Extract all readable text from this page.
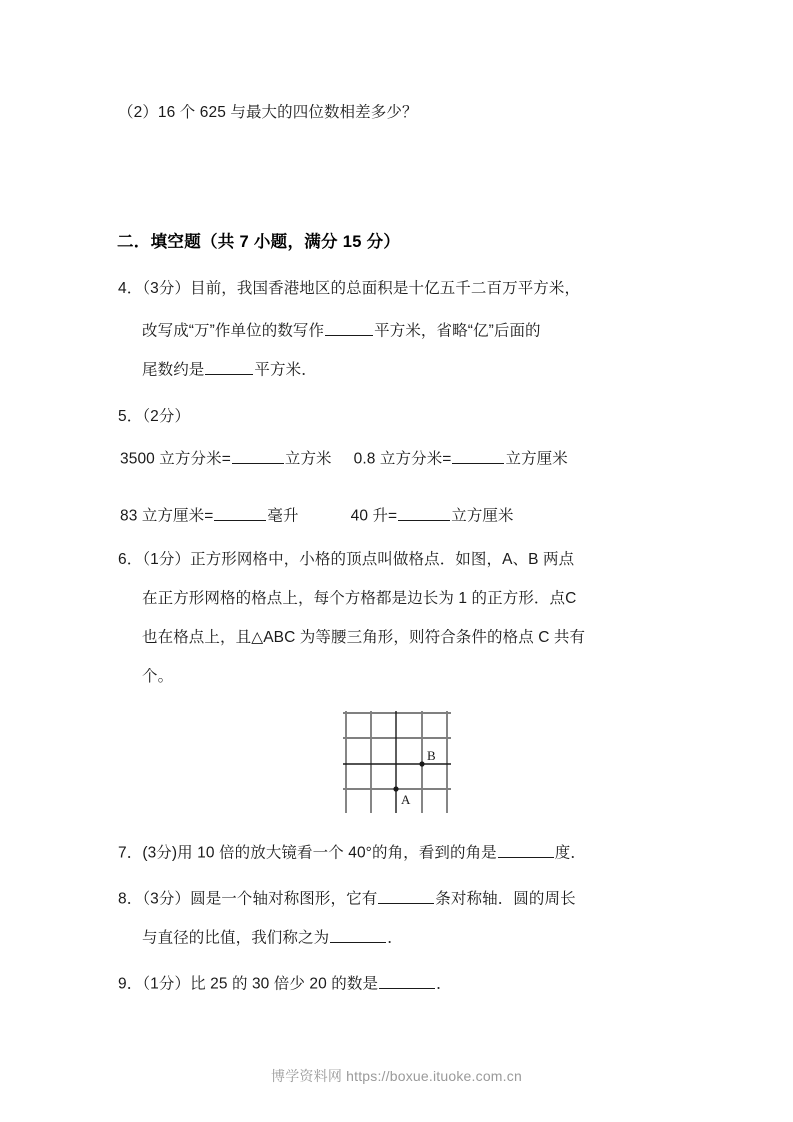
（2）16 个 625 与最大的四位数相差多少？
二．填空题（共 7 小题，满分 15 分）
4．（3分）目前，我国香港地区的总面积是十亿五千二百万平方米，
改写成“万”作单位的数写作	平方米，省略“亿”后面的
尾数约是	平方米．
5．（2分）
3500 立方分米=	立方米 0.8 立方分米=	立方厘米
83 立方厘米=	毫升	40 升=	立方厘米
6．（1分）正方形网格中，小格的顶点叫做格点．如图，A、B 两点
在正方形网格的格点上，每个方格都是边长为 1 的正方形．点C
也在格点上，且△ABC 为等腰三角形，则符合条件的格点 C 共有
个。
B
A
7．(3分)用 10 倍的放大镜看一个 40°的角，看到的角是	度．
8．（3分）圆是一个轴对称图形，它有	条对称轴．圆的周长
与直径的比值，我们称之为	．
9．（1分）比 25 的 30 倍少 20 的数是	．
博学资料网 https://boxue.ituoke.com.cn
